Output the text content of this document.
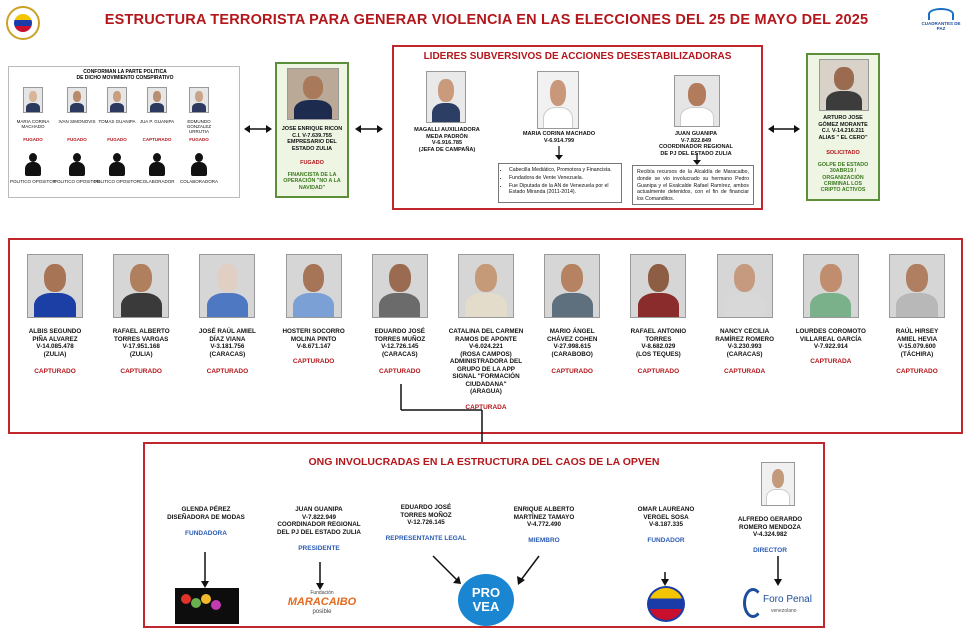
ESTRUCTURA TERRORISTA PARA GENERAR VIOLENCIA EN LAS ELECCIONES DEL 25 DE MAYO DEL 2025	CUADRANTES DE PAZ
CONFORMAN LA PARTE POLITICA
DE DICHO MOVIMIENTO CONSPIRATIVO
MARIA CORINA
MACHADO
FUGADO
IVAN SIMONOVIS
FUGADO
TOMAS GUANIPA
FUGADO
JUA P. GUANIPA
CAPTURADO
EDMUNDO GONZALEZ
URRUTIA
FUGADO
POLITICO OPOSITOR
POLITICO OPOSITOR
POLITICO OPOSITOR COLABORADOR	COLABORADORA
JOSE ENRIQUE RICON
C.I. V-7.639.755
EMPRESARIO DEL
ESTADO ZULIA
FUGADO
FINANCISTA DE LA
OPERACIÓN "NO A LA
NAVIDAD"
LIDERES SUBVERSIVOS DE ACCIONES DESESTABILIZADORAS
MAGALLI AUXILIADORA
MEDA PADRÓN
V-6.916.785
(JEFA DE CAMPAÑA)
MARIA CORINA MACHADO
V-6.914.799
JUAN GUANIPA
V-7.822.849
COORDINADOR REGIONAL
DE PJ DEL ESTADO ZULIA
• Cabecilla Mediático, Promotora y Financista.
• Fundadora de Vente Venezuela.
• Fue Diputada de la AN de Venezuela por el Estado Miranda (2011-2014).
Recibía recursos de la Alcaldía de Maracaibo, donde se vio involucrado su hermano Pedro Guanipa y el Exalcalde Rafael Ramírez, ambos actualmente detenidos, con el fin de financiar los Comanditos.
ARTURO JOSE
GÓMEZ MORANTE
C.I. V-14.216.211
ALIAS " EL CERO"
SOLICITADO
GOLPE DE ESTADO
30ABR19 /
ORGANIZACIÓN
CRIMINAL LOS
CRIPTO ACTIVOS
ALBIS SEGUNDO
PIÑA ALVAREZ
V-14.085.478
(ZULIA)
CAPTURADO
RAFAEL ALBERTO
TORRES VARGAS
V-17.951.168
(ZULIA)
CAPTURADO
JOSÉ RAÚL AMIEL
DÍAZ VIANA
V-3.181.756
(CARACAS)
CAPTURADO
HOSTERI SOCORRO
MOLINA PINTO
V-8.671.147
CAPTURADO
EDUARDO JOSÉ
TORRES MUÑOZ
V-12.726.145
(CARACAS)
CAPTURADO
CATALINA DEL CARMEN
RAMOS DE APONTE
V-6.024.221
(ROSA CAMPOS)
ADMINISTRADORA DEL
GRUPO DE LA APP
SIGNAL "FORMACIÓN
CIUDADANA"
(ARAGUA)
CAPTURADA
MARIO ÁNGEL
CHÁVEZ COHEN
V-27.998.615
(CARABOBO)
CAPTURADO
RAFAEL ANTONIO
TORRES
V-8.682.029
(LOS TEQUES)
CAPTURADO
NANCY CECILIA
RAMÍREZ ROMERO
V-3.230.993
(CARACAS)
CAPTURADA
LOURDES COROMOTO
VILLAREAL GARCÍA
V-7.922.914
CAPTURADA
RAÚL HIRSEY
AMIEL HEVIA
V-15.079.600
(TÁCHIRA)
CAPTURADO
ONG INVOLUCRADAS EN LA ESTRUCTURA DEL CAOS DE LA OPVEN
GLENDA PÉREZ
DISEÑADORA DE MODAS
FUNDADORA
JUAN GUANIPA
V-7.822.949
COORDINADOR REGIONAL
DEL PJ DEL ESTADO ZULIA
PRESIDENTE
EDUARDO JOSÉ
TORRES MOÑOZ
V-12.726.145
REPRESENTANTE LEGAL
ENRIQUE ALBERTO
MARTÍNEZ TAMAYO
V-4.772.490
MIEMBRO
OMAR LAUREANO
VERGEL SOSA
V-8.187.335
FUNDADOR
ALFREDO GERARDO
ROMERO MENDOZA
V-4.324.982
DIRECTOR
Fundación
MARACAIBO
posible
PRO
VEA	Foro Penal
venezolano
